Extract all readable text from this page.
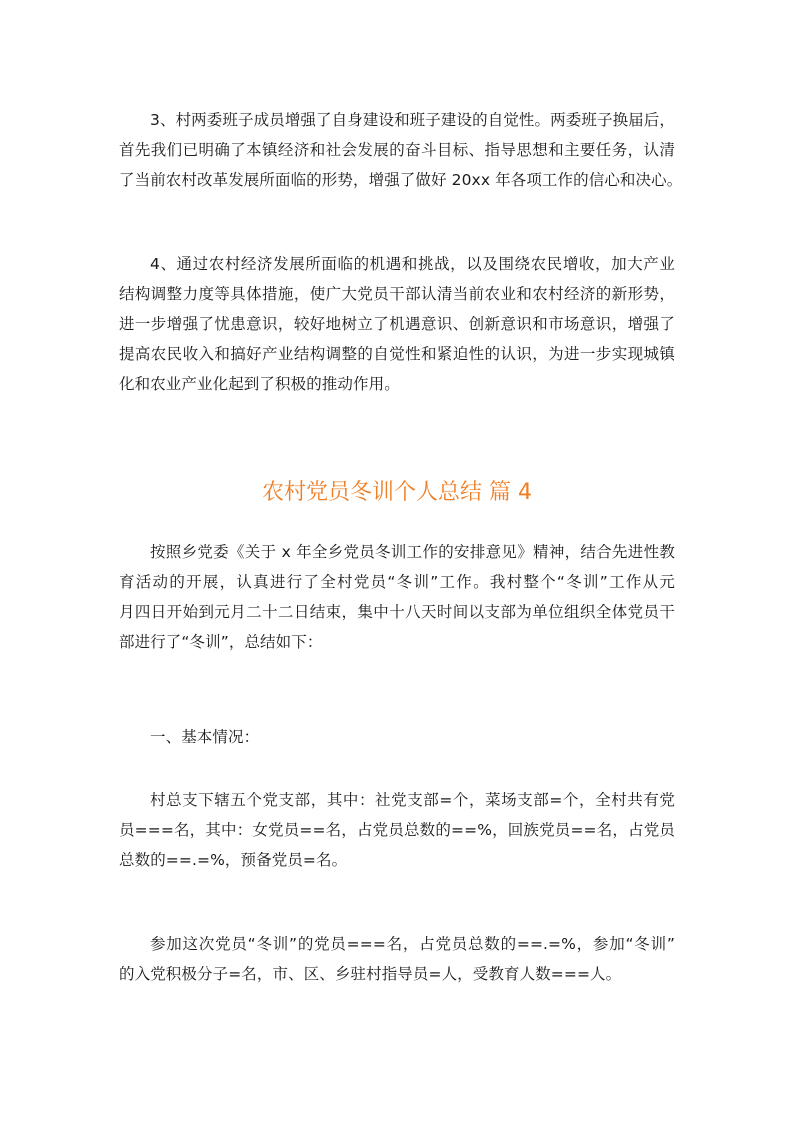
3、村两委班子成员增强了自身建设和班子建设的自觉性。两委班子换届后，
首先我们已明确了本镇经济和社会发展的奋斗目标、指导思想和主要任务，认清
了当前农村改革发展所面临的形势，增强了做好 20xx 年各项工作的信心和决心。
4、通过农村经济发展所面临的机遇和挑战，以及围绕农民增收，加大产业
结构调整力度等具体措施，使广大党员干部认清当前农业和农村经济的新形势，
进一步增强了忧患意识，较好地树立了机遇意识、创新意识和市场意识，增强了
提高农民收入和搞好产业结构调整的自觉性和紧迫性的认识，为进一步实现城镇
化和农业产业化起到了积极的推动作用。
农村党员冬训个人总结 篇 4
按照乡党委《关于 x 年全乡党员冬训工作的安排意见》精神，结合先进性教
育活动的开展，认真进行了全村党员“冬训”工作。我村整个“冬训”工作从元
月四日开始到元月二十二日结束，集中十八天时间以支部为单位组织全体党员干
部进行了“冬训”，总结如下：
一、基本情况：
村总支下辖五个党支部，其中：社党支部=个，菜场支部=个，全村共有党
员===名，其中：女党员==名，占党员总数的==%，回族党员==名，占党员
总数的==.=%，预备党员=名。
参加这次党员“冬训”的党员===名，占党员总数的==.=%，参加“冬训”
的入党积极分子=名，市、区、乡驻村指导员=人，受教育人数===人。
